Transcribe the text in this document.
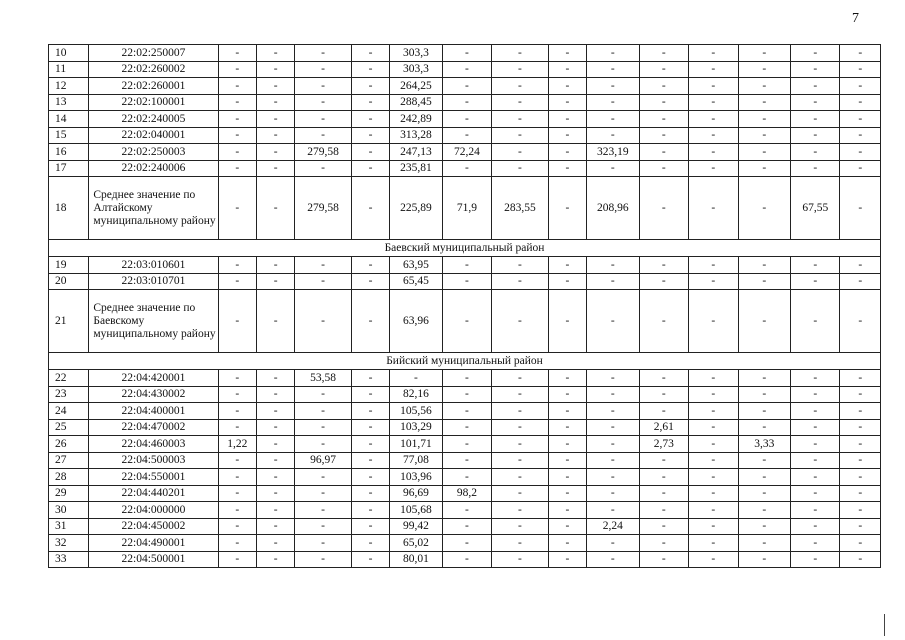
7
10	22:02:250007	-	-	-	-	303,3	-	-	-	-	-	-	-	-	-
11	22:02:260002	-	-	-	-	303,3	-	-	-	-	-	-	-	-	-
12	22:02:260001	-	-	-	-	264,25	-	-	-	-	-	-	-	-	-
13	22:02:100001	-	-	-	-	288,45	-	-	-	-	-	-	-	-	-
14	22:02:240005	-	-	-	-	242,89	-	-	-	-	-	-	-	-	-
15	22:02:040001	-	-	-	-	313,28	-	-	-	-	-	-	-	-	-
16	22:02:250003	-	-	279,58	-	247,13	72,24	-	-	323,19	-	-	-	-	-
17	22:02:240006	-	-	-	-	235,81	-	-	-	-	-	-	-	-	-
18	Среднее значение по Алтайскому муниципальному району	-	-	279,58	-	225,89	71,9	283,55	-	208,96	-	-	-	67,55	-
Баевский муниципальный район															
19	22:03:010601	-	-	-	-	63,95	-	-	-	-	-	-	-	-	-
20	22:03:010701	-	-	-	-	65,45	-	-	-	-	-	-	-	-	-
21	Среднее значение по Баевскому муниципальному району	-	-	-	-	63,96	-	-	-	-	-	-	-	-	-
Бийский муниципальный район															
22	22:04:420001	-	-	53,58	-	-	-	-	-	-	-	-	-	-	-
23	22:04:430002	-	-	-	-	82,16	-	-	-	-	-	-	-	-	-
24	22:04:400001	-	-	-	-	105,56	-	-	-	-	-	-	-	-	-
25	22:04:470002	-	-	-	-	103,29	-	-	-	-	2,61	-	-	-	-
26	22:04:460003	1,22	-	-	-	101,71	-	-	-	-	2,73	-	3,33	-	-
27	22:04:500003	-	-	96,97	-	77,08	-	-	-	-	-	-	-	-	-
28	22:04:550001	-	-	-	-	103,96	-	-	-	-	-	-	-	-	-
29	22:04:440201	-	-	-	-	96,69	98,2	-	-	-	-	-	-	-	-
30	22:04:000000	-	-	-	-	105,68	-	-	-	-	-	-	-	-	-
31	22:04:450002	-	-	-	-	99,42	-	-	-	2,24	-	-	-	-	-
32	22:04:490001	-	-	-	-	65,02	-	-	-	-	-	-	-	-	-
33	22:04:500001	-	-	-	-	80,01	-	-	-	-	-	-	-	-	-
